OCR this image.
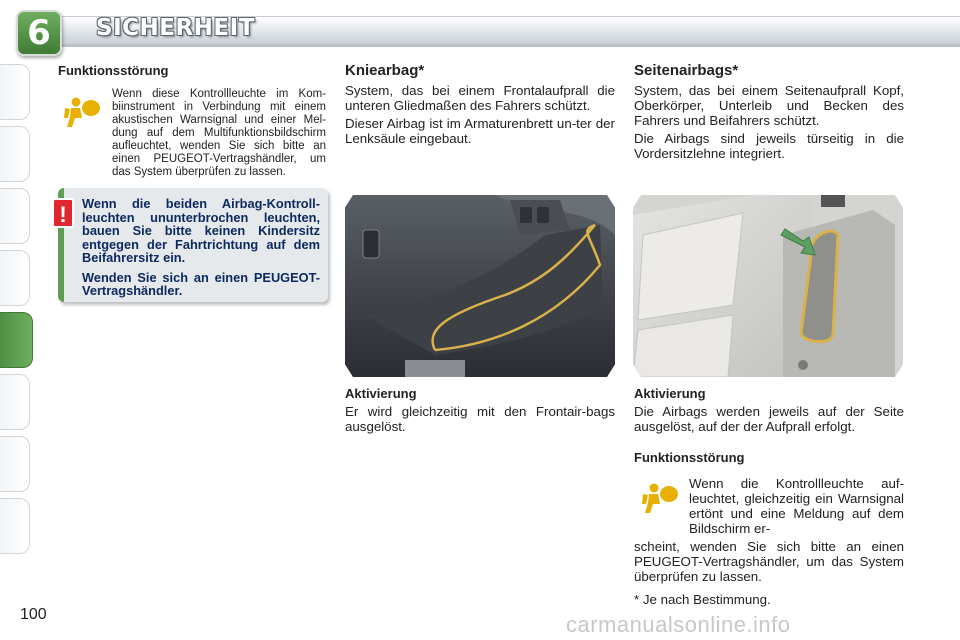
6	SICHERHEIT
Funktionsstörung
Wenn diese Kontrollleuchte im Kom-biinstrument in Verbindung mit einem akustischen Warnsignal und einer Mel-dung auf dem Multifunktionsbildschirm aufleuchtet, wenden Sie sich bitte an einen PEUGEOT-Vertragshändler, um das System überprüfen zu lassen.
Wenn die beiden Airbag-Kontroll-leuchten ununterbrochen leuchten, bauen Sie bitte keinen Kindersitz entgegen der Fahrtrichtung auf dem Beifahrersitz ein.
Wenden Sie sich an einen PEUGEOT-Vertragshändler.
!
Kniearbag*
System, das bei einem Frontalaufprall die unteren Gliedmaßen des Fahrers schützt.
Dieser Airbag ist im Armaturenbrett un-ter der Lenksäule eingebaut.
Aktivierung
Er wird gleichzeitig mit den Frontair-bags ausgelöst.
Seitenairbags*
System, das bei einem Seitenaufprall Kopf, Oberkörper, Unterleib und Becken des Fahrers und Beifahrers schützt.
Die Airbags sind jeweils türseitig in die Vordersitzlehne integriert.
Aktivierung
Die Airbags werden jeweils auf der Seite ausgelöst, auf der der Aufprall erfolgt.
Funktionsstörung
Wenn die Kontrollleuchte auf-leuchtet, gleichzeitig ein Warnsignal ertönt und eine Meldung auf dem Bildschirm er-
scheint, wenden Sie sich bitte an einen PEUGEOT-Vertragshändler, um das System überprüfen zu lassen.
* Je nach Bestimmung.
100	carmanualsonline.info
